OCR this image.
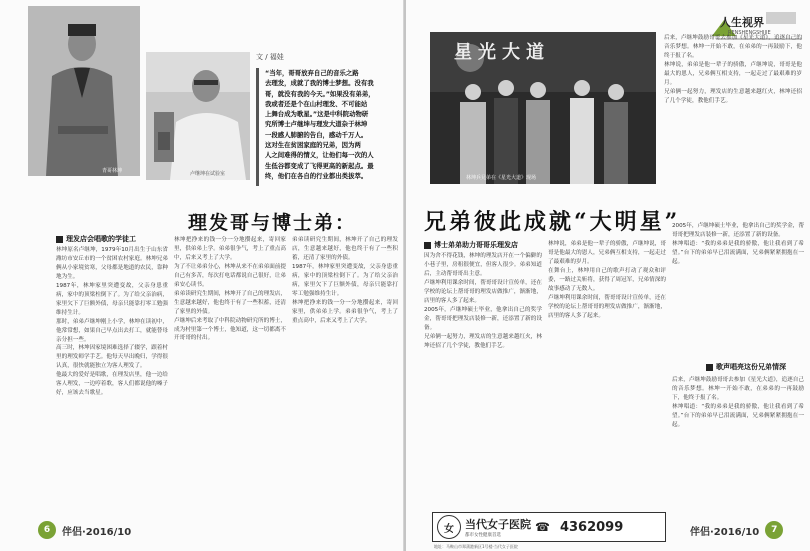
青哥林坤	卢继坤在试验室
文 / 福娃
“当年，哥哥放弃自己的音乐之路
去理发，成就了我的博士梦想。没有我
哥，就没有我的今天。”如果没有弟弟，
我或者还是个在山村理发、不可能站
上舞台成为歌星。”这是中科院动物研
究所博士卢继坤与理发大道杂于林坤
一段感人肺腑的告白，感动千万人。
这对生在贫困家庭的兄弟，因为两
人之间难得的情义，让他们每一次的人
生低谷都变成了飞得更高的新起点。最
终，他们在各自的行业都出类拔萃。
理发哥与博士弟：
理发店会唱歌的学徒工

林坤原名卢继坤，1979年10月出生于山东省潍坊市安丘市的一个贫困农村家庭。林坤兄弟俩从小家境贫寒，父母都是地道的农民，靠种地为生。

1987年，林坤家里突遭变故，父亲身患重病，家中的顶梁柱倒下了。为了给父亲治病，家里欠下了巨额外债，母亲只能靠打零工勉强维持生计。

那时，弟弟卢继坤刚上小学，林坤在读初中，他常常想，如果自己早点出去打工，就能替母亲分担一些。

高三时，林坤因家境困难选择了辍学，跟着村里的理发师学手艺。他每天早出晚归，学得很认真，很快就能独立为客人理发了。

他最大的爱好是唱歌，在理发店里，他一边给客人理发，一边哼着歌，客人们都说他的嗓子好，应该去当歌星。

林坤把挣来的钱一分一分地攒起来，寄回家里，供弟弟上学。弟弟很争气，考上了重点高中，后来又考上了大学。

为了不让弟弟分心，林坤从来不在弟弟面前提自己有多苦，每次打电话都说自己很好，让弟弟安心读书。

弟弟读研究生期间，林坤开了自己的理发店，生意越来越好，他也终于有了一些积蓄，还清了家里的外债。

卢继坤后来考取了中科院动物研究所的博士，成为村里第一个博士，他知道，这一切都离不开哥哥的付出。

弟弟读研究生期间，林坤开了自己的理发店，生意越来越好，他也终于有了一些积蓄，还清了家里的外债。

1987年，林坤家里突遭变故，父亲身患重病，家中的顶梁柱倒下了。为了给父亲治病，家里欠下了巨额外债，母亲只能靠打零工勉强维持生计。

林坤把挣来的钱一分一分地攒起来，寄回家里，供弟弟上学。弟弟很争气，考上了重点高中，后来又考上了大学。

6	伴侣·2016/10
人生视界
RENSHENGSHIJIE
星光大道
林坤兵兄弟在《星光大道》现场

后来，卢继坤鼓励哥哥去参加《星光大道》，追逐自己的音乐梦想。林坤一开始不敢，在弟弟的一再鼓励下，他终于报了名。

林坤说，弟弟是他一辈子的骄傲，卢继坤说，哥哥是他最大的恩人，兄弟俩互相支持，一起走过了最艰难的岁月。

兄弟俩一起努力，理发店的生意越来越红火，林坤还招了几个学徒，教他们手艺。

博士弟弟助力哥哥乐理发店

因为舍不得花钱，林坤的理发店开在一个偏僻的小巷子里，房租很便宜，但客人很少。弟弟知道后，主动帮哥哥出主意。

卢继坤利用课余时间，帮哥哥设计宣传单，还在学校的论坛上帮哥哥的理发店做推广，渐渐地，店里的客人多了起来。

2005年，卢继坤硕士毕业，他拿出自己的奖学金，帮哥哥把理发店装修一新，还添置了新的设备。

兄弟俩一起努力，理发店的生意越来越红火，林坤还招了几个学徒，教他们手艺。

林坤说，弟弟是他一辈子的骄傲，卢继坤说，哥哥是他最大的恩人，兄弟俩互相支持，一起走过了最艰难的岁月。

在舞台上，林坤用自己的歌声打动了观众和评委，一路过关斩将，获得了周冠军，兄弟情深的故事感动了无数人。

卢继坤利用课余时间，帮哥哥设计宣传单，还在学校的论坛上帮哥哥的理发店做推广，渐渐地，店里的客人多了起来。

2005年，卢继坤硕士毕业，他拿出自己的奖学金，帮哥哥把理发店装修一新，还添置了新的设备。

林坤唱道：“我的弟弟是我的骄傲，他让我看到了希望。”台下的弟弟早已泪流满面，兄弟俩紧紧拥抱在一起。

歌声唱亮这份兄弟情深

后来，卢继坤鼓励哥哥去参加《星光大道》，追逐自己的音乐梦想。林坤一开始不敢，在弟弟的一再鼓励下，他终于报了名。

林坤唱道：“我的弟弟是我的骄傲，他让我看到了希望。”台下的弟弟早已泪流满面，兄弟俩紧紧拥抱在一起。

伴侣·2016/10	7
兄弟彼此成就“大明星”
女	当代女子医院
都市女性健康首选
☎ 4362099
地址：马鞍山市郑蒲港新区1号楼·当代女子医院
